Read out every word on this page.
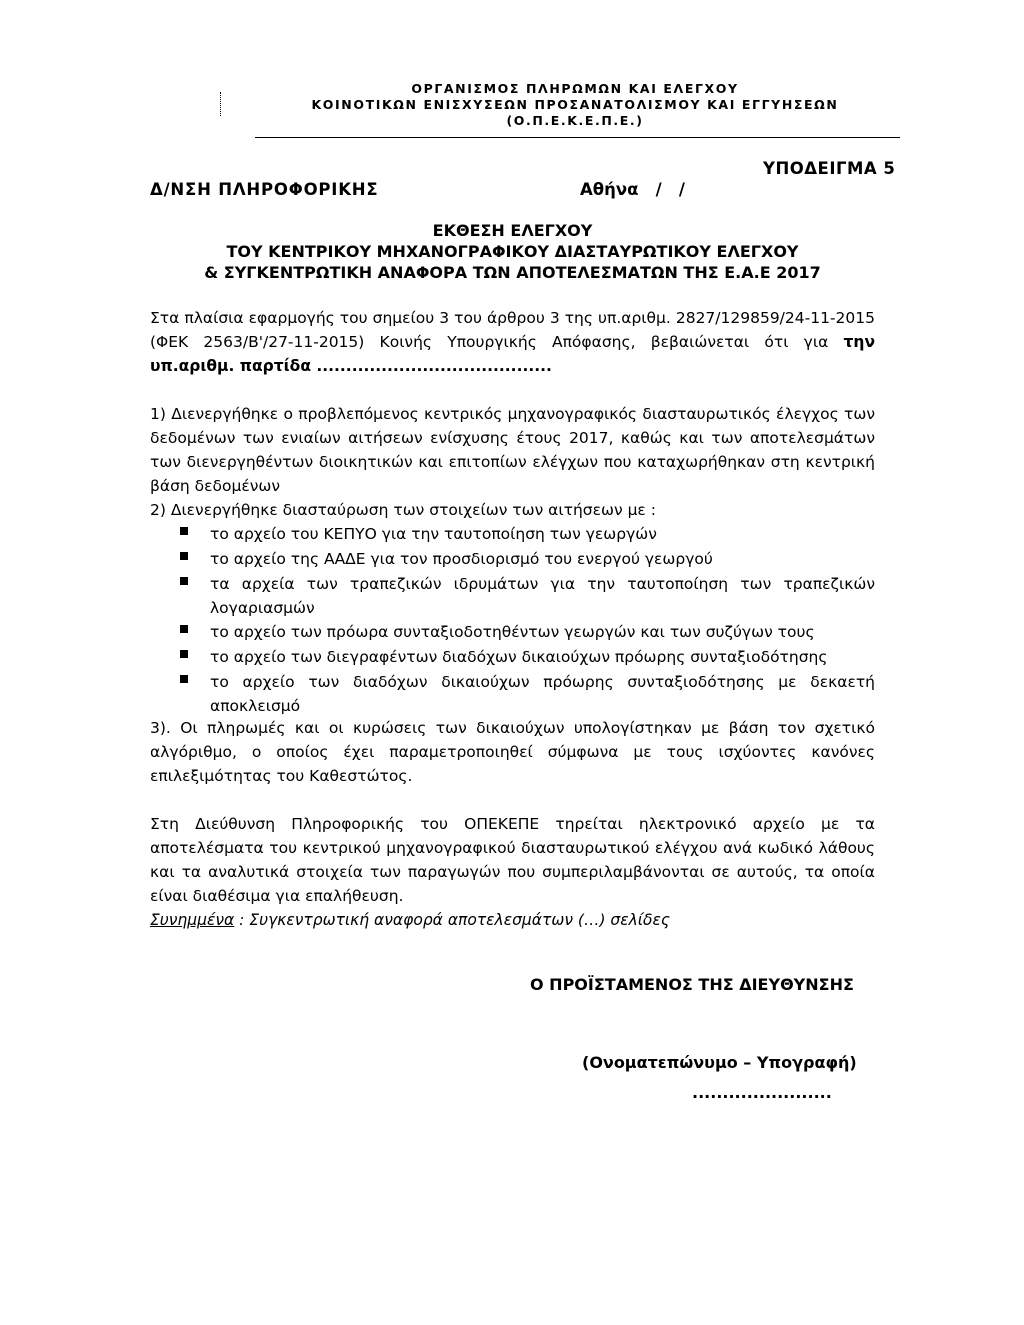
ΟΡΓΑΝΙΣΜΟΣ ΠΛΗΡΩΜΩΝ ΚΑΙ ΕΛΕΓΧΟΥ
ΚΟΙΝΟΤΙΚΩΝ ΕΝΙΣΧΥΣΕΩΝ ΠΡΟΣΑΝΑΤΟΛΙΣΜΟΥ ΚΑΙ ΕΓΓΥΗΣΕΩΝ
(Ο.Π.Ε.Κ.Ε.Π.Ε.)
ΥΠΟΔΕΙΓΜΑ 5
Δ/ΝΣΗ ΠΛΗΡΟΦΟΡΙΚΗΣ	Αθήνα   /   /
ΕΚΘΕΣΗ ΕΛΕΓΧΟΥ
ΤΟΥ ΚΕΝΤΡΙΚΟΥ ΜΗΧΑΝΟΓΡΑΦΙΚΟΥ ΔΙΑΣΤΑΥΡΩΤΙΚΟΥ ΕΛΕΓΧΟΥ
& ΣΥΓΚΕΝΤΡΩΤΙΚΗ ΑΝΑΦΟΡΑ ΤΩΝ ΑΠΟΤΕΛΕΣΜΑΤΩΝ ΤΗΣ Ε.Α.Ε 2017
Στα πλαίσια εφαρμογής του σημείου 3 του άρθρου 3 της υπ.αριθμ. 2827/129859/24-11-2015 (ΦΕΚ 2563/Β'/27-11-2015) Κοινής Υπουργικής Απόφασης, βεβαιώνεται ότι για την υπ.αριθμ. παρτίδα ........................................
1) Διενεργήθηκε ο προβλεπόμενος κεντρικός μηχανογραφικός διασταυρωτικός έλεγχος των δεδομένων των ενιαίων αιτήσεων ενίσχυσης έτους 2017, καθώς και των αποτελεσμάτων των διενεργηθέντων διοικητικών και επιτοπίων ελέγχων που καταχωρήθηκαν στη κεντρική βάση δεδομένων
2) Διενεργήθηκε διασταύρωση των στοιχείων των αιτήσεων με :
το αρχείο του ΚΕΠΥΟ για την ταυτοποίηση των γεωργών
το αρχείο της ΑΑΔΕ για τον προσδιορισμό του ενεργού γεωργού
τα αρχεία των τραπεζικών ιδρυμάτων για την ταυτοποίηση των τραπεζικών
λογαριασμών
το αρχείο των πρόωρα συνταξιοδοτηθέντων γεωργών και των συζύγων τους
το αρχείο των διεγραφέντων διαδόχων δικαιούχων πρόωρης συνταξιοδότησης
το αρχείο των διαδόχων δικαιούχων πρόωρης συνταξιοδότησης με δεκαετή
αποκλεισμό
3). Οι πληρωμές και οι κυρώσεις των δικαιούχων υπολογίστηκαν με βάση τον σχετικό αλγόριθμο, ο οποίος έχει παραμετροποιηθεί σύμφωνα με τους ισχύοντες κανόνες επιλεξιμότητας του Καθεστώτος.
Στη Διεύθυνση Πληροφορικής του ΟΠΕΚΕΠΕ τηρείται ηλεκτρονικό αρχείο με τα αποτελέσματα του κεντρικού μηχανογραφικού διασταυρωτικού ελέγχου ανά κωδικό λάθους και τα αναλυτικά στοιχεία των παραγωγών που συμπεριλαμβάνονται σε αυτούς, τα οποία είναι διαθέσιμα για επαλήθευση.
Συνημμένα : Συγκεντρωτική αναφορά αποτελεσμάτων (…) σελίδες
Ο ΠΡΟΪΣΤΑΜΕΝΟΣ ΤΗΣ ΔΙΕΥΘΥΝΣΗΣ
(Ονοματεπώνυμο – Υπογραφή)
.......................
